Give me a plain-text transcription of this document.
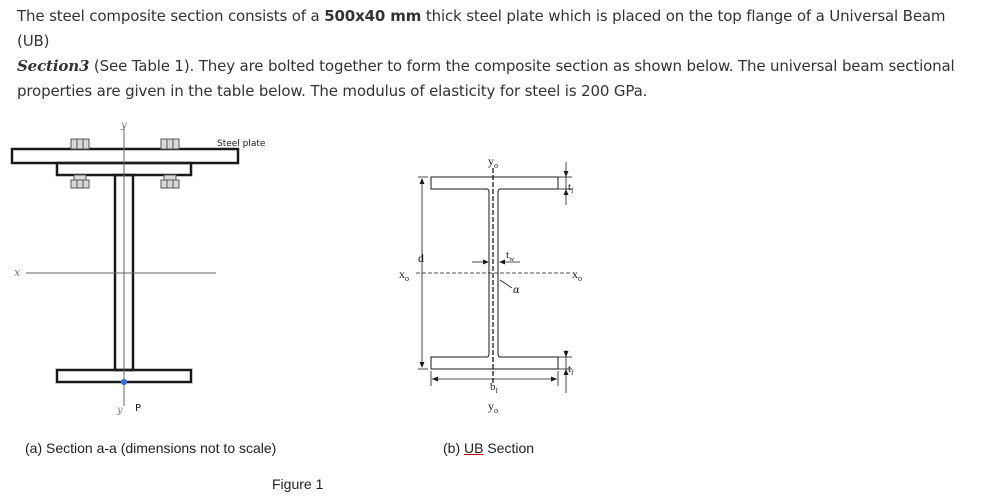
The steel composite section consists of a 500x40 mm thick steel plate which is placed on the top flange of a Universal Beam (UB)
Section3 (See Table 1). They are bolted together to form the composite section as shown below. The universal beam sectional
properties are given in the table below. The modulus of elasticity for steel is 200 GPa.
y
y
x
Steel plate
P
$y_o$
$y_o$
$x_o$	$x_o$
d
$t_f$
$t_f$
$t_w$
$b_f$
α
(a) Section a-a (dimensions not to scale)	(b) UB Section
Figure 1
